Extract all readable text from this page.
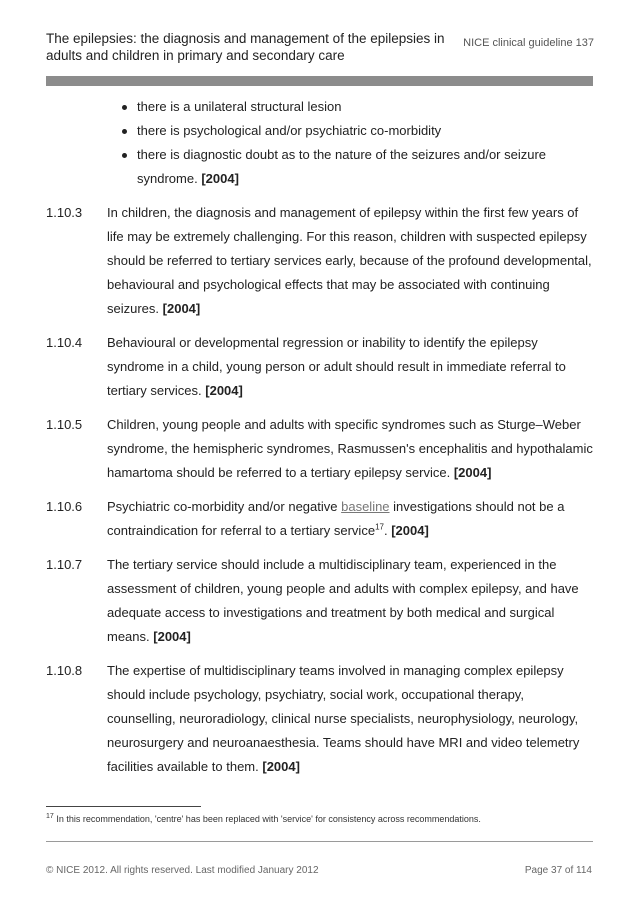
The epilepsies: the diagnosis and management of the epilepsies in adults and children in primary and secondary care
NICE clinical guideline 137
there is a unilateral structural lesion
there is psychological and/or psychiatric co-morbidity
there is diagnostic doubt as to the nature of the seizures and/or seizure syndrome. [2004]
1.10.3	In children, the diagnosis and management of epilepsy within the first few years of life may be extremely challenging. For this reason, children with suspected epilepsy should be referred to tertiary services early, because of the profound developmental, behavioural and psychological effects that may be associated with continuing seizures. [2004]
1.10.4	Behavioural or developmental regression or inability to identify the epilepsy syndrome in a child, young person or adult should result in immediate referral to tertiary services. [2004]
1.10.5	Children, young people and adults with specific syndromes such as Sturge–Weber syndrome, the hemispheric syndromes, Rasmussen's encephalitis and hypothalamic hamartoma should be referred to a tertiary epilepsy service. [2004]
1.10.6	Psychiatric co-morbidity and/or negative baseline investigations should not be a contraindication for referral to a tertiary service$^{17}$. [2004]
1.10.7	The tertiary service should include a multidisciplinary team, experienced in the assessment of children, young people and adults with complex epilepsy, and have adequate access to investigations and treatment by both medical and surgical means. [2004]
1.10.8	The expertise of multidisciplinary teams involved in managing complex epilepsy should include psychology, psychiatry, social work, occupational therapy, counselling, neuroradiology, clinical nurse specialists, neurophysiology, neurology, neurosurgery and neuroanaesthesia. Teams should have MRI and video telemetry facilities available to them. [2004]
$^{17}$ In this recommendation, 'centre' has been replaced with 'service' for consistency across recommendations.
© NICE 2012. All rights reserved. Last modified January 2012	Page 37 of 114
